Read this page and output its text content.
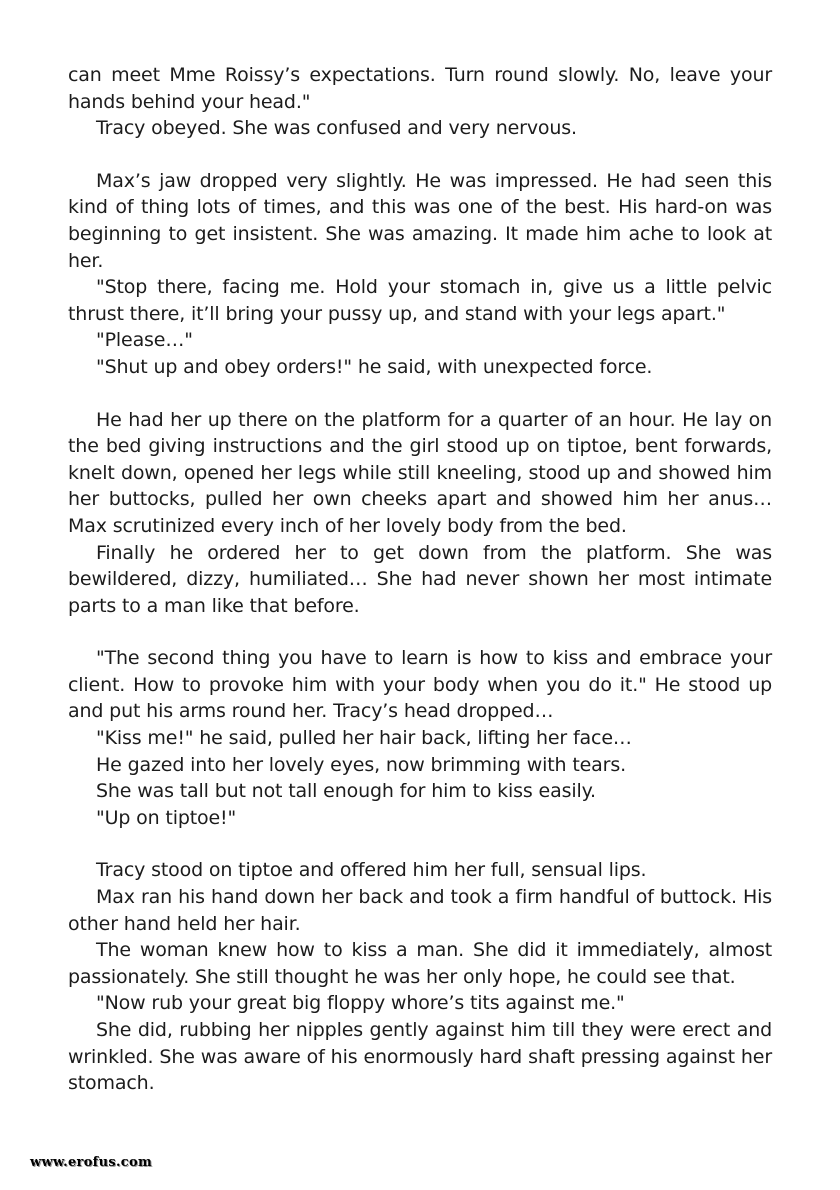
can meet Mme Roissy’s expectations. Turn round slowly. No, leave your hands behind your head."

Tracy obeyed. She was confused and very nervous.

Max’s jaw dropped very slightly. He was impressed. He had seen this kind of thing lots of times, and this was one of the best. His hard-on was beginning to get insistent. She was amazing. It made him ache to look at her.

"Stop there, facing me. Hold your stomach in, give us a little pelvic thrust there, it’ll bring your pussy up, and stand with your legs apart."

"Please…"

"Shut up and obey orders!" he said, with unexpected force.

He had her up there on the platform for a quarter of an hour. He lay on the bed giving instructions and the girl stood up on tiptoe, bent forwards, knelt down, opened her legs while still kneeling, stood up and showed him her buttocks, pulled her own cheeks apart and showed him her anus… Max scrutinized every inch of her lovely body from the bed.

Finally he ordered her to get down from the platform. She was bewildered, dizzy, humiliated… She had never shown her most intimate parts to a man like that before.

"The second thing you have to learn is how to kiss and embrace your client. How to provoke him with your body when you do it." He stood up and put his arms round her. Tracy’s head dropped…

"Kiss me!" he said, pulled her hair back, lifting her face…

He gazed into her lovely eyes, now brimming with tears.

She was tall but not tall enough for him to kiss easily.

"Up on tiptoe!"

Tracy stood on tiptoe and offered him her full, sensual lips.

Max ran his hand down her back and took a firm handful of buttock. His other hand held her hair.

The woman knew how to kiss a man. She did it immediately, almost passionately. She still thought he was her only hope, he could see that.

"Now rub your great big floppy whore’s tits against me."

She did, rubbing her nipples gently against him till they were erect and wrinkled. She was aware of his enormously hard shaft pressing against her stomach.

www.erofus.com
